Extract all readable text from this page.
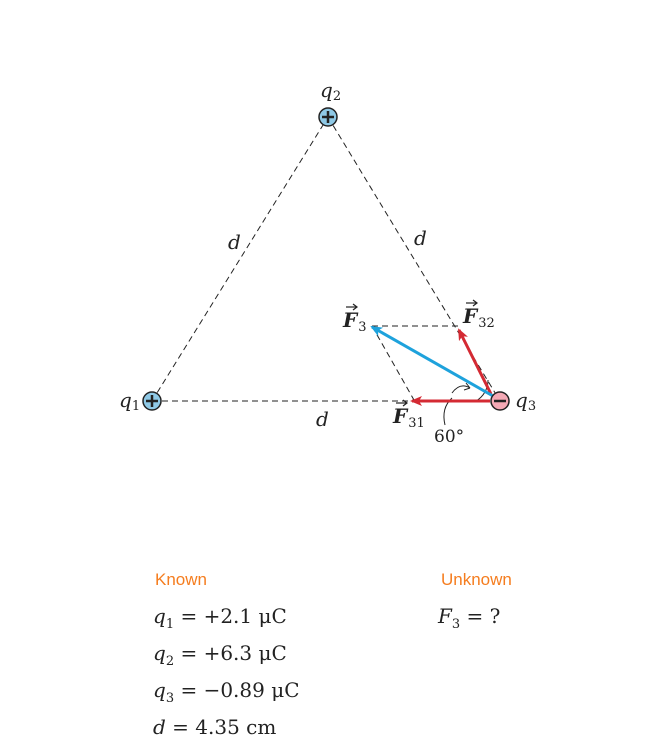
d	d
d
60°
$F_3$	$F_{32}$
$F_{31}$
q2
q1	q3
Known	Unknown
$q_1 = +2.1$ μC
$q_2 = +6.3$ μC
$q_3 = -0.89$ μC
d = 4.35 cm
$F_3$ = ?
